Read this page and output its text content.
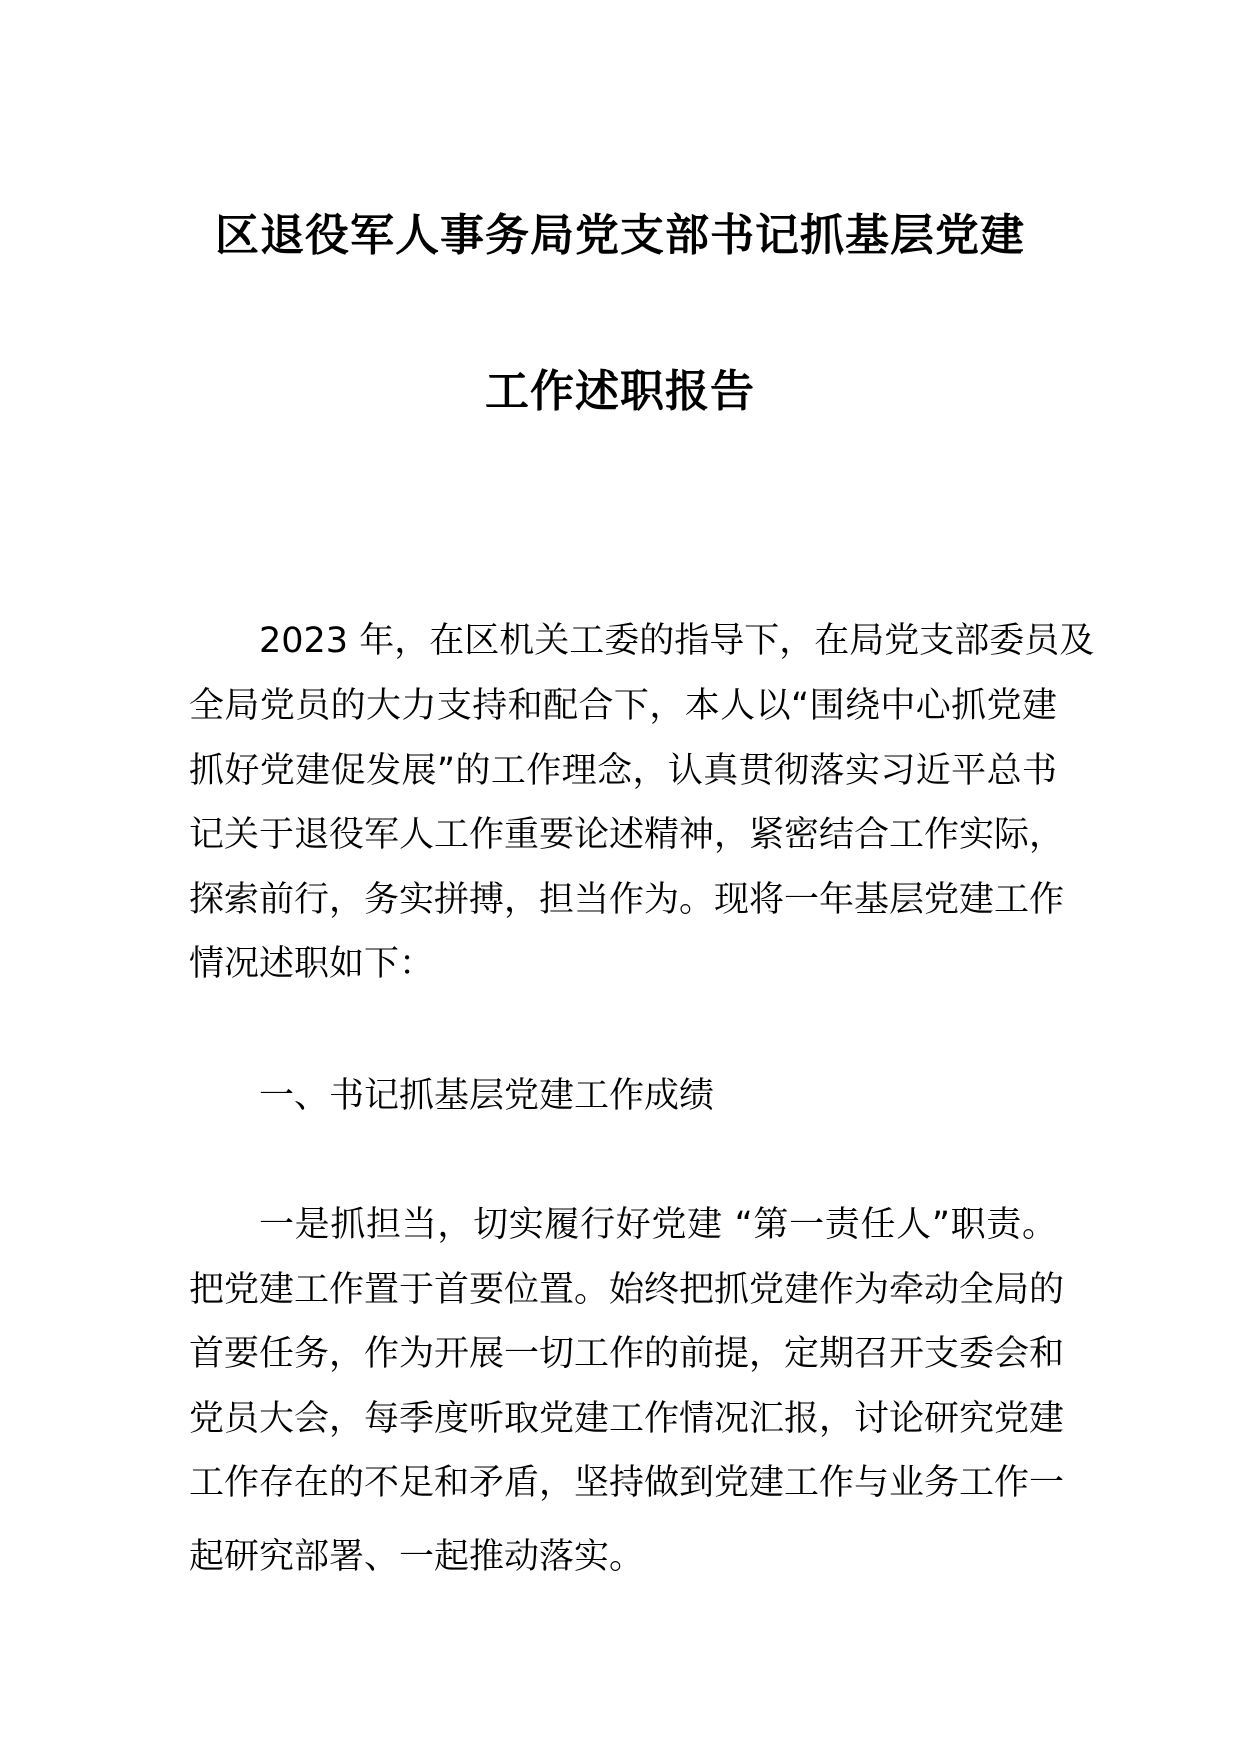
区退役军人事务局党支部书记抓基层党建
工作述职报告
2023 年，在区机关工委的指导下，在局党支部委员及
全局党员的大力支持和配合下，本人以“围绕中心抓党建
抓好党建促发展”的工作理念，认真贯彻落实习近平总书
记关于退役军人工作重要论述精神，紧密结合工作实际，
探索前行，务实拼搏，担当作为。现将一年基层党建工作
情况述职如下：
一、书记抓基层党建工作成绩
一是抓担当，切实履行好党建 “第一责任人”职责。
把党建工作置于首要位置。始终把抓党建作为牵动全局的
首要任务，作为开展一切工作的前提，定期召开支委会和
党员大会，每季度听取党建工作情况汇报，讨论研究党建
工作存在的不足和矛盾，坚持做到党建工作与业务工作一
起研究部署、一起推动落实。
